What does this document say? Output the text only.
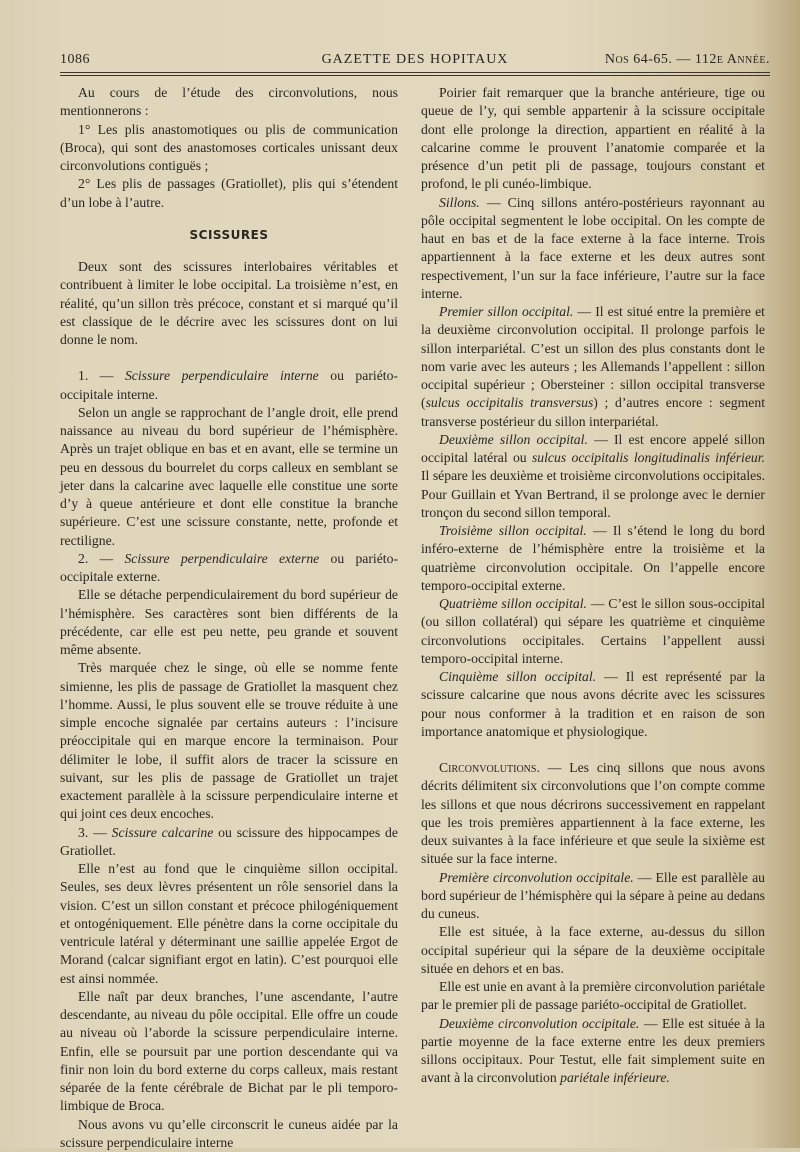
1086	GAZETTE DES HOPITAUX	Nos 64-65. — 112e Année.

Au cours de l’étude des circonvolutions, nous mentionnerons :

1° Les plis anastomotiques ou plis de communication (Broca), qui sont des anastomoses corticales unissant deux circonvolutions contiguës ;

2° Les plis de passages (Gratiollet), plis qui s’étendent d’un lobe à l’autre.

SCISSURES

Deux sont des scissures interlobaires véritables et contribuent à limiter le lobe occipital. La troisième n’est, en réalité, qu’un sillon très précoce, constant et si marqué qu’il est classique de le décrire avec les scissures dont on lui donne le nom.

1. — Scissure perpendiculaire interne ou pariéto-occipitale interne.

Selon un angle se rapprochant de l’angle droit, elle prend naissance au niveau du bord supérieur de l’hémisphère. Après un trajet oblique en bas et en avant, elle se termine un peu en dessous du bourrelet du corps calleux en semblant se jeter dans la calcarine avec laquelle elle constitue une sorte d’y à queue antérieure et dont elle constitue la branche supérieure. C’est une scissure constante, nette, profonde et rectiligne.

2. — Scissure perpendiculaire externe ou pariéto-occipitale externe.

Elle se détache perpendiculairement du bord supérieur de l’hémisphère. Ses caractères sont bien différents de la précédente, car elle est peu nette, peu grande et souvent même absente.

Très marquée chez le singe, où elle se nomme fente simienne, les plis de passage de Gratiollet la masquent chez l’homme. Aussi, le plus souvent elle se trouve réduite à une simple encoche signalée par certains auteurs : l’incisure préoccipitale qui en marque encore la terminaison. Pour délimiter le lobe, il suffit alors de tracer la scissure en suivant, sur les plis de passage de Gratiollet un trajet exactement parallèle à la scissure perpendiculaire interne et qui joint ces deux encoches.

3. — Scissure calcarine ou scissure des hippocampes de Gratiollet.

Elle n’est au fond que le cinquième sillon occipital. Seules, ses deux lèvres présentent un rôle sensoriel dans la vision. C’est un sillon constant et précoce philogéniquement et ontogéniquement. Elle pénètre dans la corne occipitale du ventricule latéral y déterminant une saillie appelée Ergot de Morand (calcar signifiant ergot en latin). C’est pourquoi elle est ainsi nommée.

Elle naît par deux branches, l’une ascendante, l’autre descendante, au niveau du pôle occipital. Elle offre un coude au niveau où l’aborde la scissure perpendiculaire interne. Enfin, elle se poursuit par une portion descendante qui va finir non loin du bord externe du corps calleux, mais restant séparée de la fente cérébrale de Bichat par le pli temporo-limbique de Broca.

Nous avons vu qu’elle circonscrit le cuneus aidée par la scissure perpendiculaire interne

Poirier fait remarquer que la branche antérieure, tige ou queue de l’y, qui semble appartenir à la scissure occipitale dont elle prolonge la direction, appartient en réalité à la calcarine comme le prouvent l’anatomie comparée et la présence d’un petit pli de passage, toujours constant et profond, le pli cunéo-limbique.

Sillons. — Cinq sillons antéro-postérieurs rayonnant au pôle occipital segmentent le lobe occipital. On les compte de haut en bas et de la face externe à la face interne. Trois appartiennent à la face externe et les deux autres sont respectivement, l’un sur la face inférieure, l’autre sur la face interne.

Premier sillon occipital. — Il est situé entre la première et la deuxième circonvolution occipital. Il prolonge parfois le sillon interpariétal. C’est un sillon des plus constants dont le nom varie avec les auteurs ; les Allemands l’appellent : sillon occipital supérieur ; Obersteiner : sillon occipital transverse (sulcus occipitalis transversus) ; d’autres encore : segment transverse postérieur du sillon interpariétal.

Deuxième sillon occipital. — Il est encore appelé sillon occipital latéral ou sulcus occipitalis longitudinalis inférieur. Il sépare les deuxième et troisième circonvolutions occipitales. Pour Guillain et Yvan Bertrand, il se prolonge avec le dernier tronçon du second sillon temporal.

Troisième sillon occipital. — Il s’étend le long du bord inféro-externe de l’hémisphère entre la troisième et la quatrième circonvolution occipitale. On l’appelle encore temporo-occipital externe.

Quatrième sillon occipital. — C’est le sillon sous-occipital (ou sillon collatéral) qui sépare les quatrième et cinquième circonvolutions occipitales. Certains l’appellent aussi temporo-occipital interne.

Cinquième sillon occipital. — Il est représenté par la scissure calcarine que nous avons décrite avec les scissures pour nous conformer à la tradition et en raison de son importance anatomique et physiologique.

Circonvolutions. — Les cinq sillons que nous avons décrits délimitent six circonvolutions que l’on compte comme les sillons et que nous décrirons successivement en rappelant que les trois premières appartiennent à la face externe, les deux suivantes à la face inférieure et que seule la sixième est située sur la face interne.

Première circonvolution occipitale. — Elle est parallèle au bord supérieur de l’hémisphère qui la sépare à peine au dedans du cuneus.

Elle est située, à la face externe, au-dessus du sillon occipital supérieur qui la sépare de la deuxième occipitale située en dehors et en bas.

Elle est unie en avant à la première circonvolution pariétale par le premier pli de passage pariéto-occipital de Gratiollet.

Deuxième circonvolution occipitale. — Elle est située à la partie moyenne de la face externe entre les deux premiers sillons occipitaux. Pour Testut, elle fait simplement suite en avant à la circonvolution pariétale inférieure.
